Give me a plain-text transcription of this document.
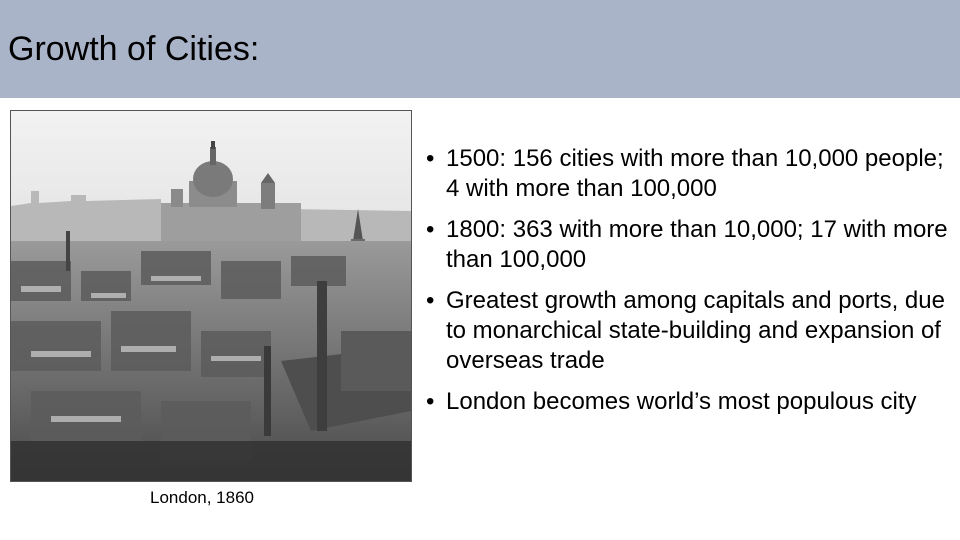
Growth of Cities:
London, 1860
• 1500: 156 cities with more than 10,000 people; 4 with more than 100,000
• 1800: 363 with more than 10,000; 17 with more than 100,000
• Greatest growth among capitals and ports, due to monarchical state-building and expansion of overseas trade
• London becomes world’s most populous city
